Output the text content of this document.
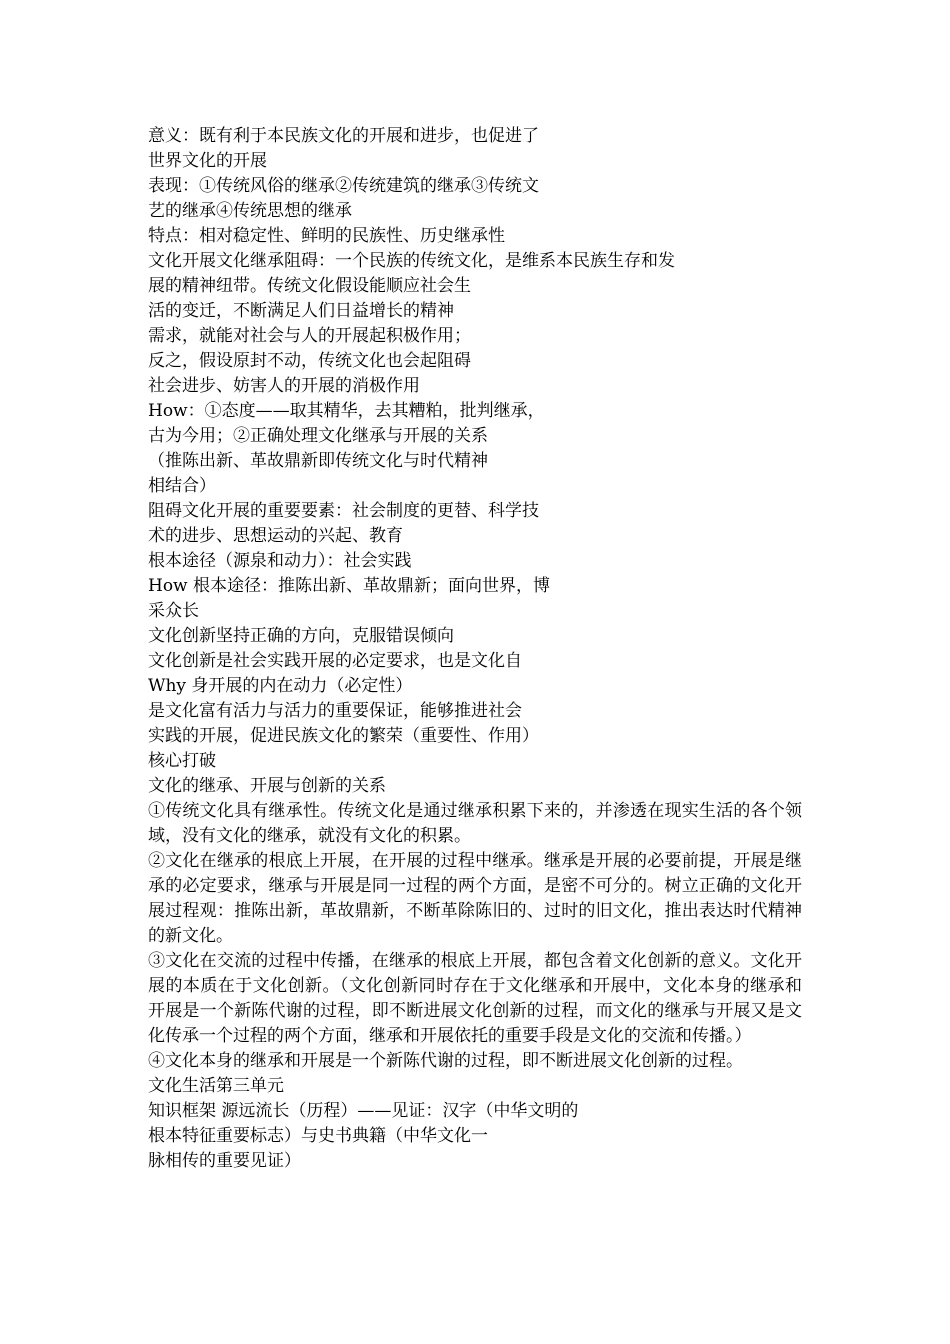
意义：既有利于本民族文化的开展和进步，也促进了
世界文化的开展
表现：①传统风俗的继承②传统建筑的继承③传统文
艺的继承④传统思想的继承
特点：相对稳定性、鲜明的民族性、历史继承性
文化开展文化继承阻碍：一个民族的传统文化，是维系本民族生存和发
展的精神纽带。传统文化假设能顺应社会生
活的变迁，不断满足人们日益增长的精神
需求，就能对社会与人的开展起积极作用；
反之，假设原封不动，传统文化也会起阻碍
社会进步、妨害人的开展的消极作用
How：①态度——取其精华，去其糟粕，批判继承，
古为今用；②正确处理文化继承与开展的关系
（推陈出新、革故鼎新即传统文化与时代精神
相结合）
阻碍文化开展的重要要素：社会制度的更替、科学技
术的进步、思想运动的兴起、教育
根本途径（源泉和动力）：社会实践
How 根本途径：推陈出新、革故鼎新；面向世界，博
采众长
文化创新坚持正确的方向，克服错误倾向
文化创新是社会实践开展的必定要求，也是文化自
Why 身开展的内在动力（必定性）
是文化富有活力与活力的重要保证，能够推进社会
实践的开展，促进民族文化的繁荣（重要性、作用）
核心打破
文化的继承、开展与创新的关系
①传统文化具有继承性。传统文化是通过继承积累下来的，并渗透在现实生活的各个领域，没有文化的继承，就没有文化的积累。
②文化在继承的根底上开展，在开展的过程中继承。继承是开展的必要前提，开展是继承的必定要求，继承与开展是同一过程的两个方面，是密不可分的。树立正确的文化开展过程观：推陈出新，革故鼎新，不断革除陈旧的、过时的旧文化，推出表达时代精神的新文化。
③文化在交流的过程中传播，在继承的根底上开展，都包含着文化创新的意义。文化开展的本质在于文化创新。（文化创新同时存在于文化继承和开展中，文化本身的继承和开展是一个新陈代谢的过程，即不断进展文化创新的过程，而文化的继承与开展又是文化传承一个过程的两个方面，继承和开展依托的重要手段是文化的交流和传播。）
④文化本身的继承和开展是一个新陈代谢的过程，即不断进展文化创新的过程。
文化生活第三单元
知识框架 源远流长（历程）——见证：汉字（中华文明的
根本特征重要标志）与史书典籍（中华文化一
脉相传的重要见证）
